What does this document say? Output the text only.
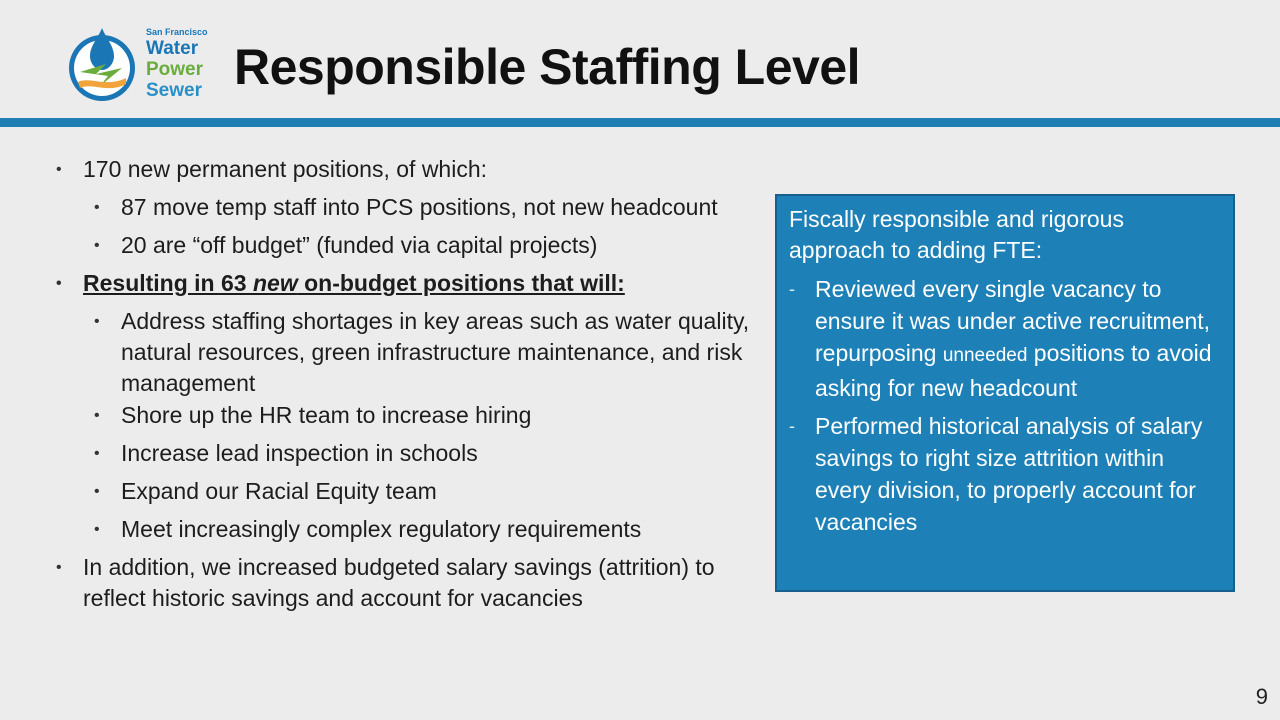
San Francisco
Water
Power
Sewer Responsible Staffing Level
• 170 new permanent positions, of which:
• 87 move temp staff into PCS positions, not new headcount
• 20 are “off budget” (funded via capital projects)
• Resulting in 63 new on-budget positions that will:
• Address staffing shortages in key areas such as water quality, natural resources, green infrastructure maintenance, and risk management
• Shore up the HR team to increase hiring
• Increase lead inspection in schools
• Expand our Racial Equity team
• Meet increasingly complex regulatory requirements
• In addition, we increased budgeted salary savings (attrition) to reflect historic savings and account for vacancies
Fiscally responsible and rigorous approach to adding FTE:
- Reviewed every single vacancy to ensure it was under active recruitment, repurposing unneeded positions to avoid asking for new headcount
- Performed historical analysis of salary savings to right size attrition within every division, to properly account for vacancies
9
